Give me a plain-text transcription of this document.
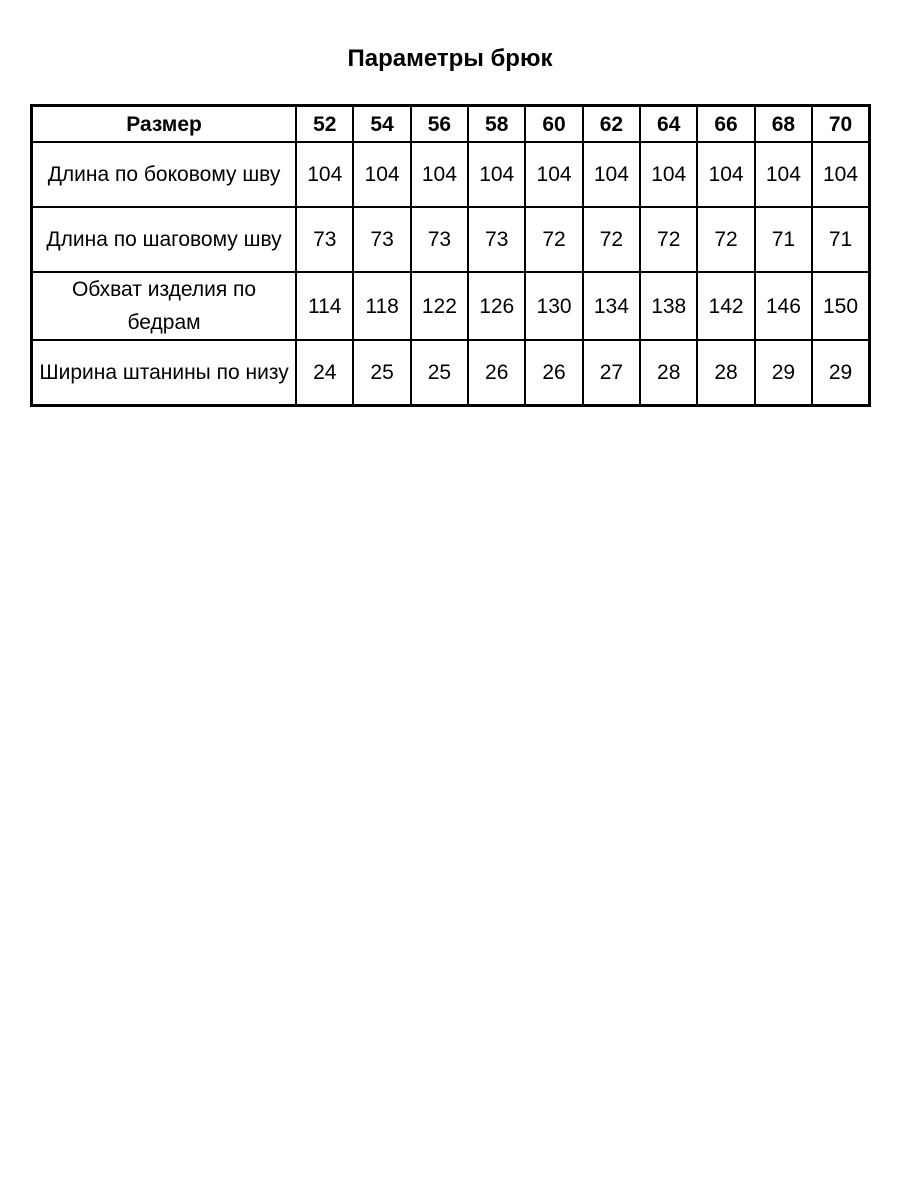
Параметры брюк
Размер	52	54	56	58	60	62	64	66	68	70
Длина по боковому шву	104	104	104	104	104	104	104	104	104	104
Длина по шаговому шву	73	73	73	73	72	72	72	72	71	71
Обхват изделия по бедрам	114	118	122	126	130	134	138	142	146	150
Ширина штанины по низу	24	25	25	26	26	27	28	28	29	29
